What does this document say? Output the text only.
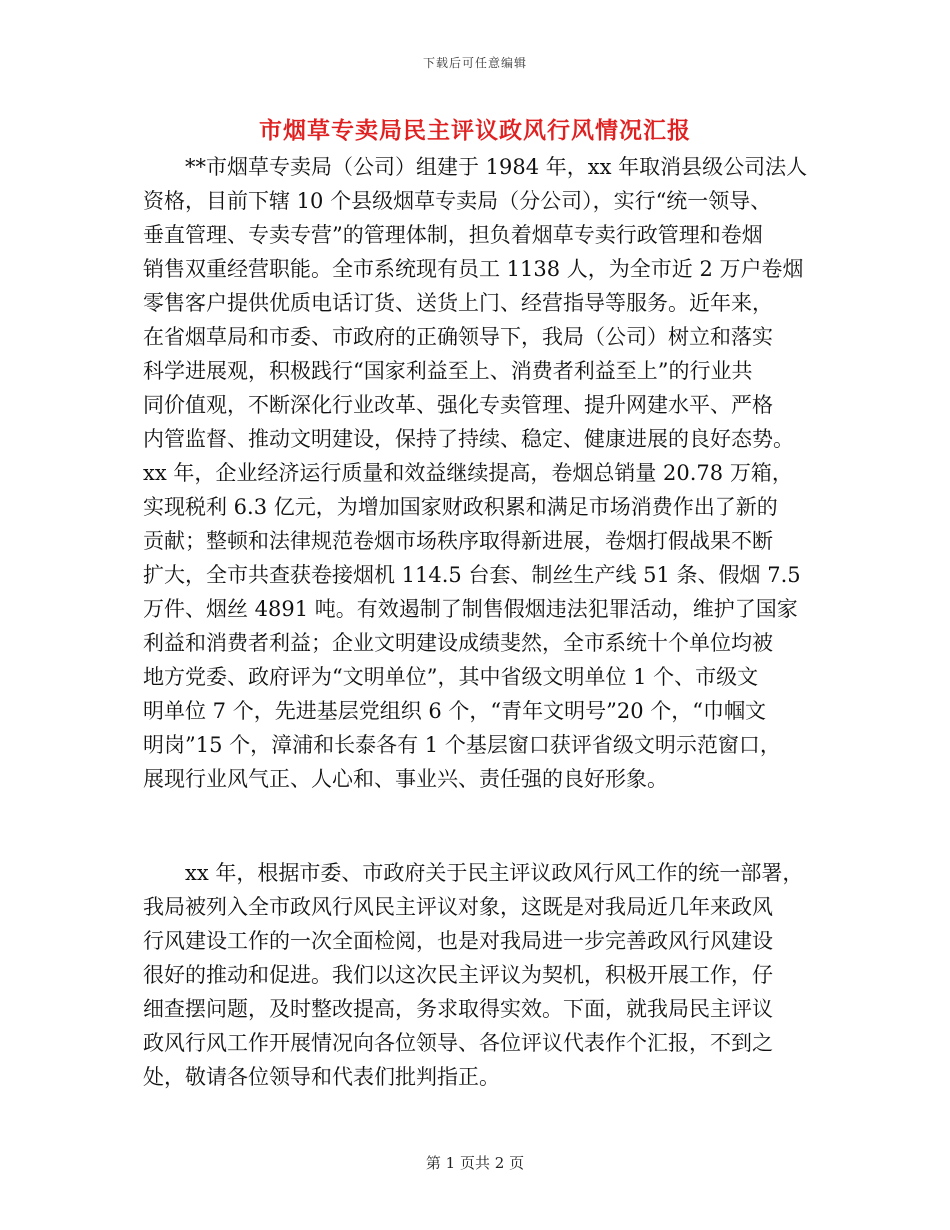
下载后可任意编辑
市烟草专卖局民主评议政风行风情况汇报
**市烟草专卖局（公司）组建于 1984 年，xx 年取消县级公司法人
资格，目前下辖 10 个县级烟草专卖局（分公司），实行“统一领导、
垂直管理、专卖专营”的管理体制，担负着烟草专卖行政管理和卷烟
销售双重经营职能。全市系统现有员工 1138 人，为全市近 2 万户卷烟
零售客户提供优质电话订货、送货上门、经营指导等服务。近年来，
在省烟草局和市委、市政府的正确领导下，我局（公司）树立和落实
科学进展观，积极践行“国家利益至上、消费者利益至上”的行业共
同价值观，不断深化行业改革、强化专卖管理、提升网建水平、严格
内管监督、推动文明建设，保持了持续、稳定、健康进展的良好态势。
xx 年，企业经济运行质量和效益继续提高，卷烟总销量 20.78 万箱，
实现税利 6.3 亿元，为增加国家财政积累和满足市场消费作出了新的
贡献；整顿和法律规范卷烟市场秩序取得新进展，卷烟打假战果不断
扩大，全市共查获卷接烟机 114.5 台套、制丝生产线 51 条、假烟 7.5
万件、烟丝 4891 吨。有效遏制了制售假烟违法犯罪活动，维护了国家
利益和消费者利益；企业文明建设成绩斐然，全市系统十个单位均被
地方党委、政府评为“文明单位”，其中省级文明单位 1 个、市级文
明单位 7 个，先进基层党组织 6 个，“青年文明号”20 个，“巾帼文
明岗”15 个，漳浦和长泰各有 1 个基层窗口获评省级文明示范窗口，
展现行业风气正、人心和、事业兴、责任强的良好形象。
xx 年，根据市委、市政府关于民主评议政风行风工作的统一部署，
我局被列入全市政风行风民主评议对象，这既是对我局近几年来政风
行风建设工作的一次全面检阅，也是对我局进一步完善政风行风建设
很好的推动和促进。我们以这次民主评议为契机，积极开展工作，仔
细查摆问题，及时整改提高，务求取得实效。下面，就我局民主评议
政风行风工作开展情况向各位领导、各位评议代表作个汇报，不到之
处，敬请各位领导和代表们批判指正。
第 1 页共 2 页
